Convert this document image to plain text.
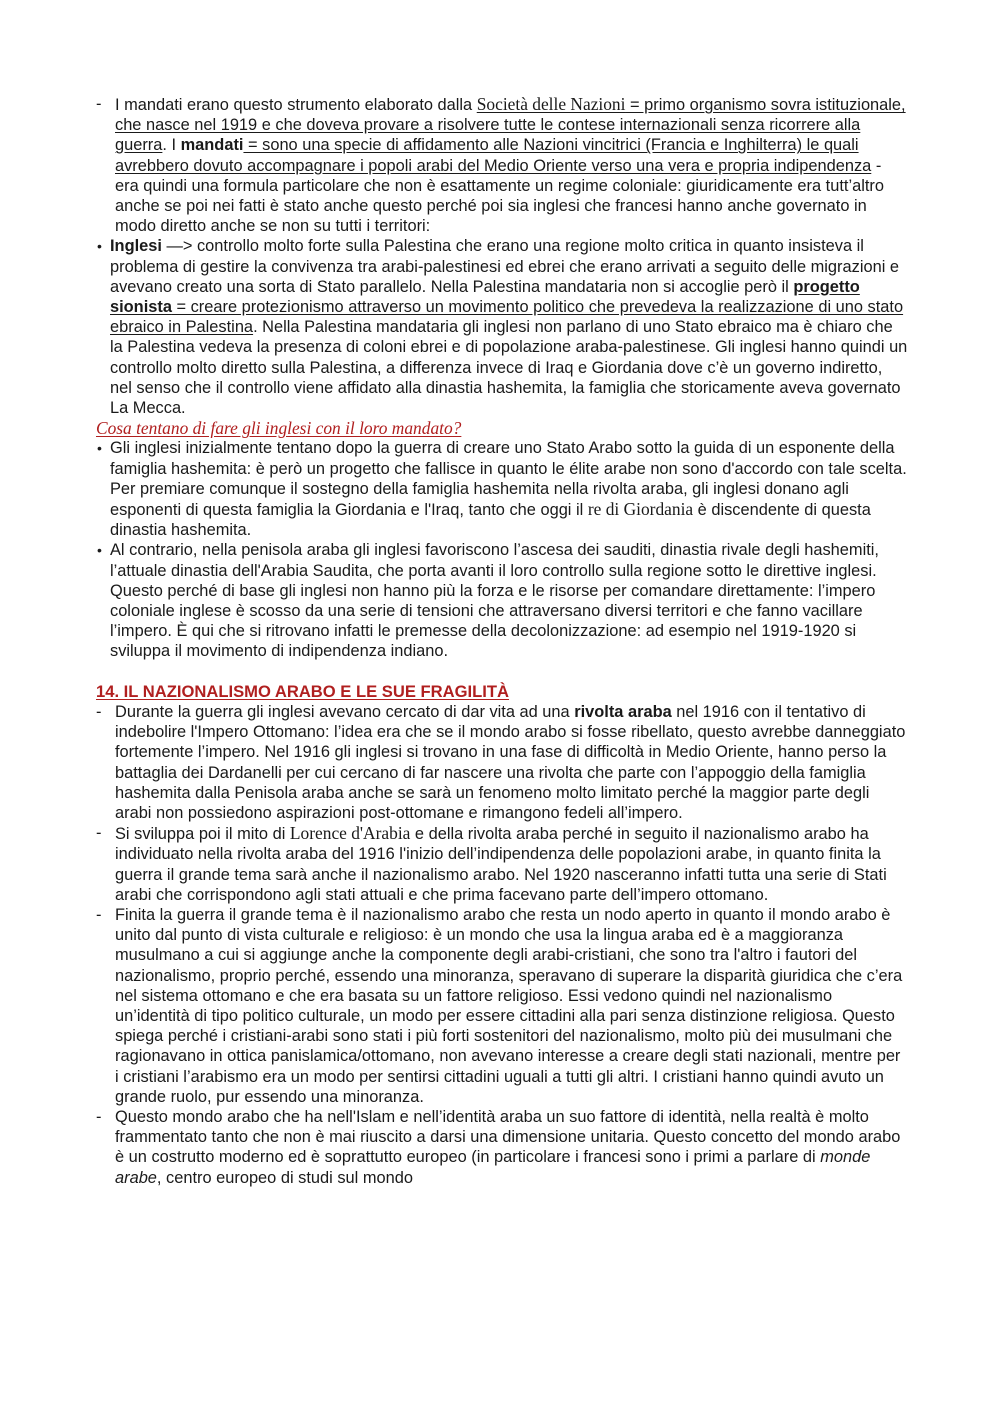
- I mandati erano questo strumento elaborato dalla Società delle Nazioni = primo organismo sovra istituzionale, che nasce nel 1919 e che doveva provare a risolvere tutte le contese internazionali senza ricorrere alla guerra. I mandati = sono una specie di affidamento alle Nazioni vincitrici (Francia e Inghilterra) le quali avrebbero dovuto accompagnare i popoli arabi del Medio Oriente verso una vera e propria indipendenza - era quindi una formula particolare che non è esattamente un regime coloniale: giuridicamente era tutt’altro anche se poi nei fatti è stato anche questo perché poi sia inglesi che francesi hanno anche governato in modo diretto anche se non su tutti i territori:

• Inglesi —> controllo molto forte sulla Palestina che erano una regione molto critica in quanto insisteva il problema di gestire la convivenza tra arabi-palestinesi ed ebrei che erano arrivati a seguito delle migrazioni e avevano creato una sorta di Stato parallelo. Nella Palestina mandataria non si accoglie però il progetto sionista = creare protezionismo attraverso un movimento politico che prevedeva la realizzazione di uno stato ebraico in Palestina. Nella Palestina mandataria gli inglesi non parlano di uno Stato ebraico ma è chiaro che la Palestina vedeva la presenza di coloni ebrei e di popolazione araba-palestinese. Gli inglesi hanno quindi un controllo molto diretto sulla Palestina, a differenza invece di Iraq e Giordania dove c’è un governo indiretto, nel senso che il controllo viene affidato alla dinastia hashemita, la famiglia che storicamente aveva governato La Mecca.

Cosa tentano di fare gli inglesi con il loro mandato?

• Gli inglesi inizialmente tentano dopo la guerra di creare uno Stato Arabo sotto la guida di un esponente della famiglia hashemita: è però un progetto che fallisce in quanto le élite arabe non sono d'accordo con tale scelta. Per premiare comunque il sostegno della famiglia hashemita nella rivolta araba, gli inglesi donano agli esponenti di questa famiglia la Giordania e l'Iraq, tanto che oggi il re di Giordania è discendente di questa dinastia hashemita.

• Al contrario, nella penisola araba gli inglesi favoriscono l’ascesa dei sauditi, dinastia rivale degli hashemiti, l’attuale dinastia dell'Arabia Saudita, che porta avanti il loro controllo sulla regione sotto le direttive inglesi. Questo perché di base gli inglesi non hanno più la forza e le risorse per comandare direttamente: l’impero coloniale inglese è scosso da una serie di tensioni che attraversano diversi territori e che fanno vacillare l’impero. È qui che si ritrovano infatti le premesse della decolonizzazione: ad esempio nel 1919-1920 si sviluppa il movimento di indipendenza indiano.

14. IL NAZIONALISMO ARABO E LE SUE FRAGILITÀ

- Durante la guerra gli inglesi avevano cercato di dar vita ad una rivolta araba nel 1916 con il tentativo di indebolire l'Impero Ottomano: l’idea era che se il mondo arabo si fosse ribellato, questo avrebbe danneggiato fortemente l’impero. Nel 1916 gli inglesi si trovano in una fase di difficoltà in Medio Oriente, hanno perso la battaglia dei Dardanelli per cui cercano di far nascere una rivolta che parte con l’appoggio della famiglia hashemita dalla Penisola araba anche se sarà un fenomeno molto limitato perché la maggior parte degli arabi non possiedono aspirazioni post-ottomane e rimangono fedeli all’impero.

- Si sviluppa poi il mito di Lorence d'Arabia e della rivolta araba perché in seguito il nazionalismo arabo ha individuato nella rivolta araba del 1916 l'inizio dell’indipendenza delle popolazioni arabe, in quanto finita la guerra il grande tema sarà anche il nazionalismo arabo. Nel 1920 nasceranno infatti tutta una serie di Stati arabi che corrispondono agli stati attuali e che prima facevano parte dell’impero ottomano.

- Finita la guerra il grande tema è il nazionalismo arabo che resta un nodo aperto in quanto il mondo arabo è unito dal punto di vista culturale e religioso: è un mondo che usa la lingua araba ed è a maggioranza musulmano a cui si aggiunge anche la componente degli arabi-cristiani, che sono tra l'altro i fautori del nazionalismo, proprio perché, essendo una minoranza, speravano di superare la disparità giuridica che c’era nel sistema ottomano e che era basata su un fattore religioso. Essi vedono quindi nel nazionalismo un’identità di tipo politico culturale, un modo per essere cittadini alla pari senza distinzione religiosa. Questo spiega perché i cristiani-arabi sono stati i più forti sostenitori del nazionalismo, molto più dei musulmani che ragionavano in ottica panislamica/ottomano, non avevano interesse a creare degli stati nazionali, mentre per i cristiani l’arabismo era un modo per sentirsi cittadini uguali a tutti gli altri. I cristiani hanno quindi avuto un grande ruolo, pur essendo una minoranza.

- Questo mondo arabo che ha nell'Islam e nell’identità araba un suo fattore di identità, nella realtà è molto frammentato tanto che non è mai riuscito a darsi una dimensione unitaria. Questo concetto del mondo arabo è un costrutto moderno ed è soprattutto europeo (in particolare i francesi sono i primi a parlare di monde arabe, centro europeo di studi sul mondo
